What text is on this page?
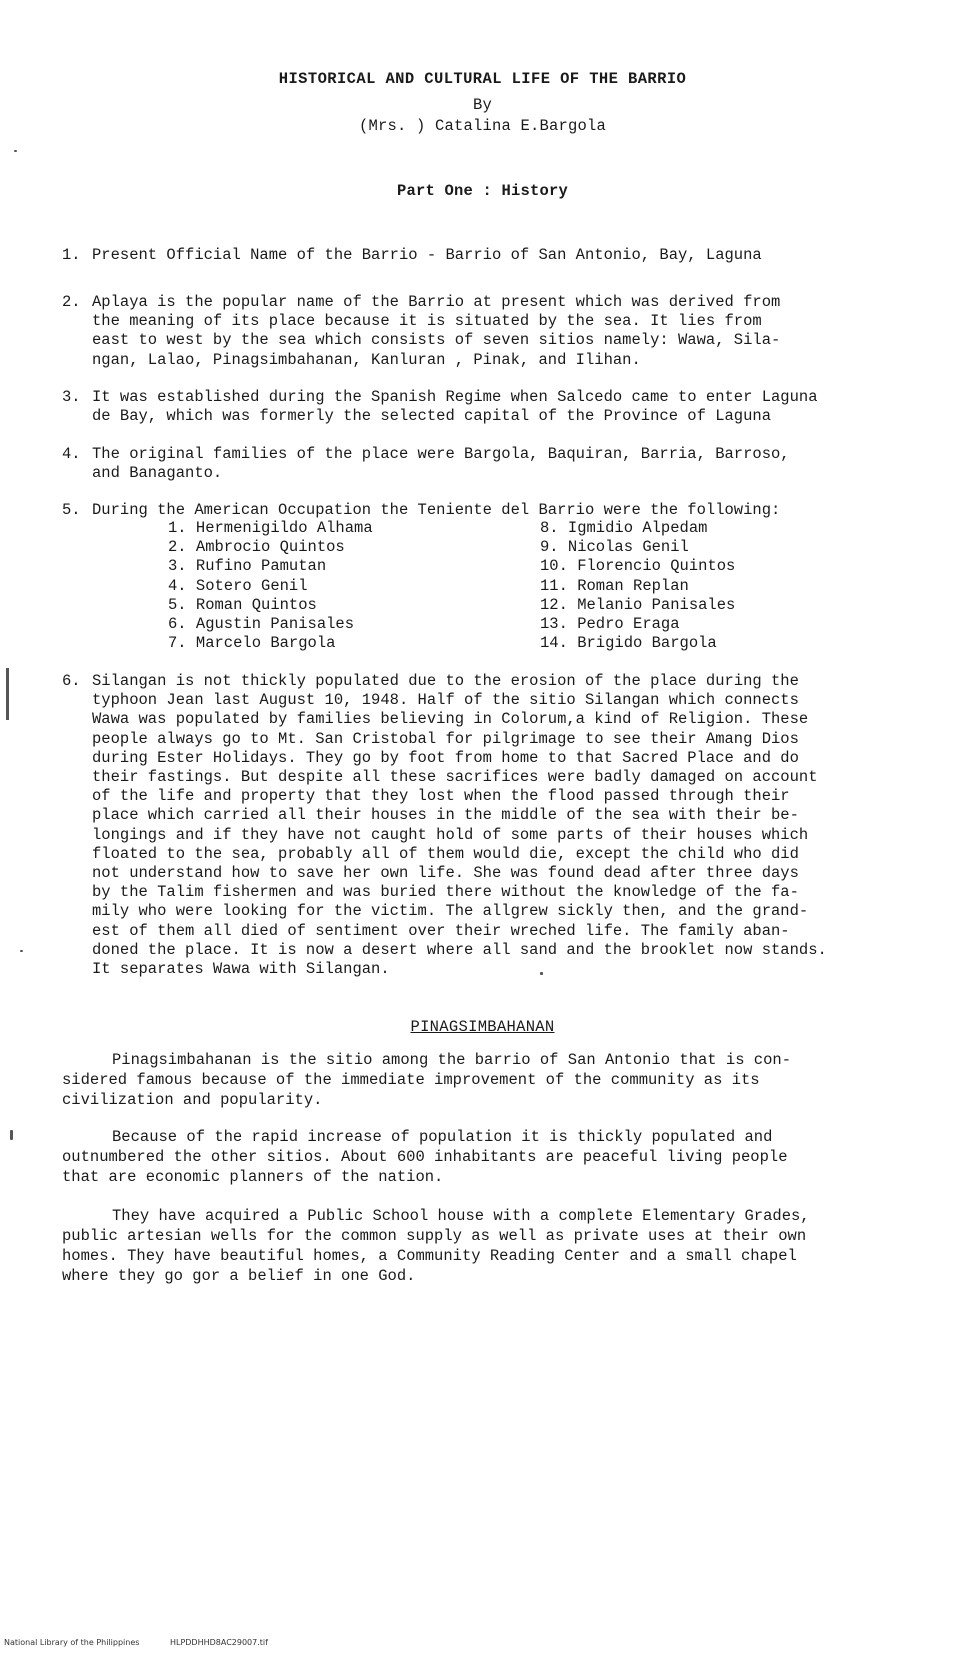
HISTORICAL AND CULTURAL LIFE OF THE BARRIO
By
(Mrs. ) Catalina E.Bargola
Part One : History
1. Present Official Name of the Barrio - Barrio of San Antonio, Bay, Laguna

2. Aplaya is the popular name of the Barrio at present which was derived from

the meaning of its place because it is situated by the sea. It lies from

east to west by the sea which consists of seven sitios namely: Wawa, Sila-

ngan, Lalao, Pinagsimbahanan, Kanluran , Pinak, and Ilihan.

3. It was established during the Spanish Regime when Salcedo came to enter Laguna

de Bay, which was formerly the selected capital of the Province of Laguna

4. The original families of the place were Bargola, Baquiran, Barria, Barroso,

and Banaganto.

5. During the American Occupation the Teniente del Barrio were the following:

1. Hermenigildo Alhama
2. Ambrocio Quintos
3. Rufino Pamutan
4. Sotero Genil
5. Roman Quintos
6. Agustin Panisales
7. Marcelo Bargola
8. Igmidio Alpedam
9. Nicolas Genil
10. Florencio Quintos
11. Roman Replan
12. Melanio Panisales
13. Pedro Eraga
14. Brigido Bargola
6. Silangan is not thickly populated due to the erosion of the place during the

typhoon Jean last August 10, 1948. Half of the sitio Silangan which connects

Wawa was populated by families believing in Colorum,a kind of Religion. These

people always go to Mt. San Cristobal for pilgrimage to see their Amang Dios

during Ester Holidays. They go by foot from home to that Sacred Place and do

their fastings. But despite all these sacrifices were badly damaged on account

of the life and property that they lost when the flood passed through their

place which carried all their houses in the middle of the sea with their be-

longings and if they have not caught hold of some parts of their houses which

floated to the sea, probably all of them would die, except the child who did

not understand how to save her own life. She was found dead after three days

by the Talim fishermen and was buried there without the knowledge of the fa-

mily who were looking for the victim. The allgrew sickly then, and the grand-

est of them all died of sentiment over their wreched life. The family aban-

doned the place. It is now a desert where all sand and the brooklet now stands.

It separates Wawa with Silangan.

PINAGSIMBAHANAN
Pinagsimbahanan is the sitio among the barrio of San Antonio that is con-
sidered famous because of the immediate improvement of the community as its
civilization and popularity.
Because of the rapid increase of population it is thickly populated and
outnumbered the other sitios. About 600 inhabitants are peaceful living people
that are economic planners of the nation.
They have acquired a Public School house with a complete Elementary Grades,
public artesian wells for the common supply as well as private uses at their own
homes. They have beautiful homes, a Community Reading Center and a small chapel
where they go gor a belief in one God.
National Library of the Philippines	HLPDDHHD8AC29007.tif
